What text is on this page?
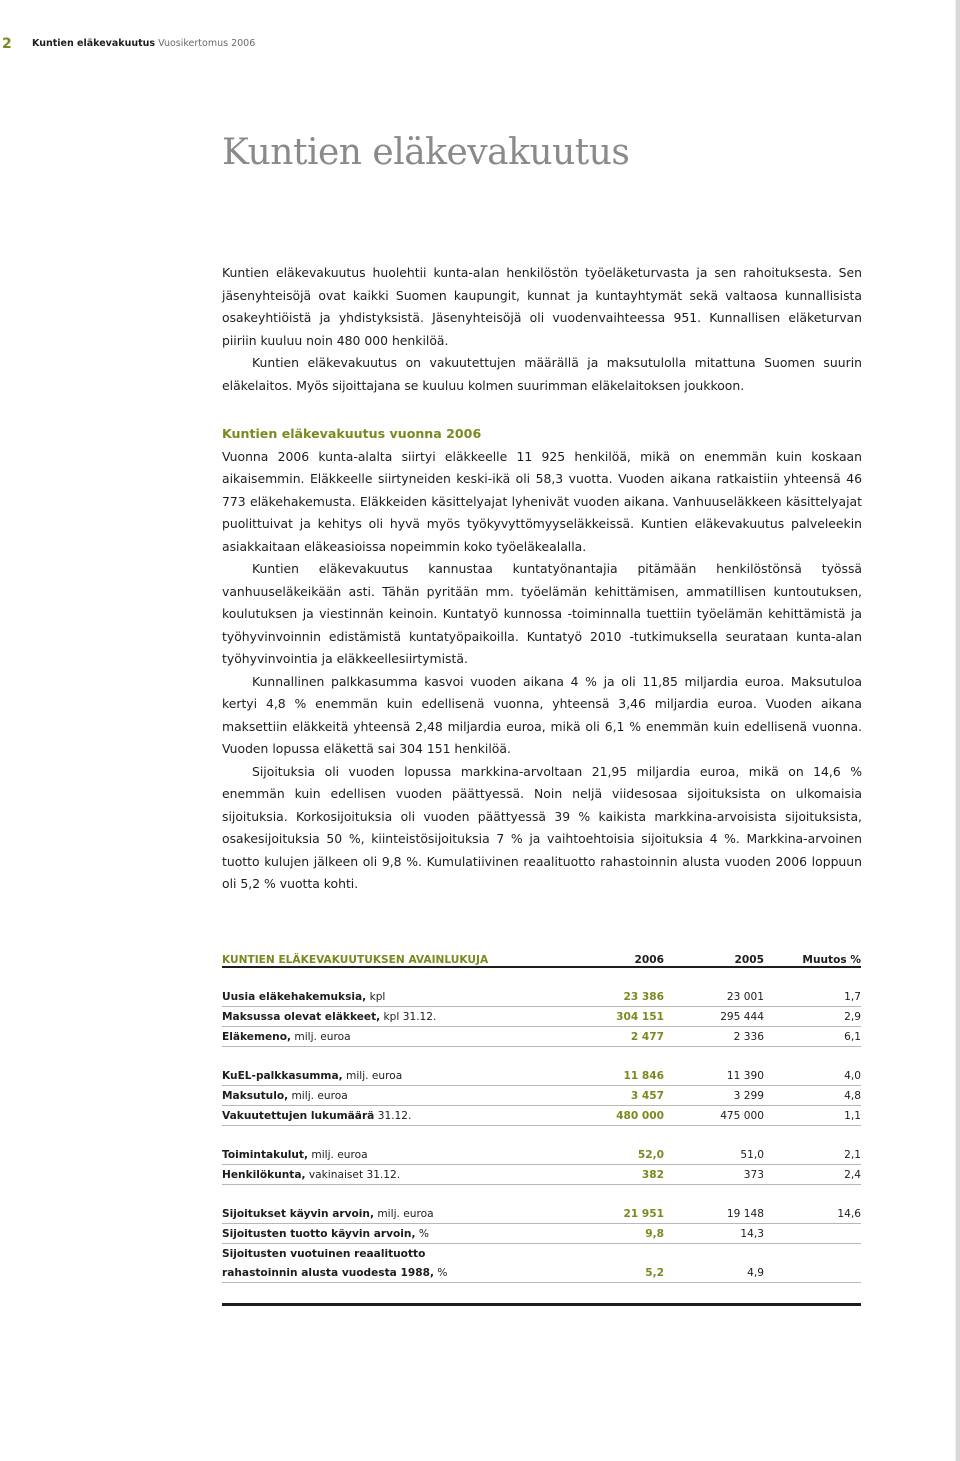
2	Kuntien eläkevakuutus Vuosikertomus 2006
Kuntien eläkevakuutus

Kuntien eläkevakuutus huolehtii kunta-alan henkilöstön työeläketurvasta ja sen rahoituksesta. Sen jäsenyhteisöjä ovat kaikki Suomen kaupungit, kunnat ja kuntayhtymät sekä valtaosa kunnallisista osakeyhtiöistä ja yhdistyksistä. Jäsenyhteisöjä oli vuodenvaihteessa 951. Kunnallisen eläketurvan piiriin kuuluu noin 480 000 henkilöä.

Kuntien eläkevakuutus on vakuutettujen määrällä ja maksutulolla mitattuna Suomen suurin eläkelaitos. Myös sijoittajana se kuuluu kolmen suurimman eläkelaitoksen joukkoon.

Kuntien eläkevakuutus vuonna 2006

Vuonna 2006 kunta-alalta siirtyi eläkkeelle 11 925 henkilöä, mikä on enemmän kuin koskaan aikaisemmin. Eläkkeelle siirtyneiden keski-ikä oli 58,3 vuotta. Vuoden aikana ratkaistiin yhteensä 46 773 eläkehakemusta. Eläkkeiden käsittelyajat lyhenivät vuoden aikana. Vanhuuseläkkeen käsittelyajat puolittuivat ja kehitys oli hyvä myös työkyvyttömyyseläkkeissä. Kuntien eläkevakuutus palveleekin asiakkaitaan eläkeasioissa nopeimmin koko työeläkealalla.

Kuntien eläkevakuutus kannustaa kuntatyönantajia pitämään henkilöstönsä työssä vanhuuseläkeikään asti. Tähän pyritään mm. työelämän kehittämisen, ammatillisen kuntoutuksen, koulutuksen ja viestinnän keinoin. Kuntatyö kunnossa -toiminnalla tuettiin työelämän kehittämistä ja työhyvinvoinnin edistämistä kuntatyöpaikoilla. Kuntatyö 2010 -tutkimuksella seurataan kunta-alan työhyvinvointia ja eläkkeellesiirtymistä.

Kunnallinen palkkasumma kasvoi vuoden aikana 4 % ja oli 11,85 miljardia euroa. Maksutuloa kertyi 4,8 % enemmän kuin edellisenä vuonna, yhteensä 3,46 miljardia euroa. Vuoden aikana maksettiin eläkkeitä yhteensä 2,48 miljardia euroa, mikä oli 6,1 % enemmän kuin edellisenä vuonna. Vuoden lopussa eläkettä sai 304 151 henkilöä.

Sijoituksia oli vuoden lopussa markkina-arvoltaan 21,95 miljardia euroa, mikä on 14,6 % enemmän kuin edellisen vuoden päättyessä. Noin neljä viidesosaa sijoituksista on ulkomaisia sijoituksia. Korkosijoituksia oli vuoden päättyessä 39 % kaikista markkina-arvoisista sijoituksista, osakesijoituksia 50 %, kiinteistösijoituksia 7 % ja vaihtoehtoisia sijoituksia 4 %. Markkina-arvoinen tuotto kulujen jälkeen oli 9,8 %. Kumulatiivinen reaalituotto rahastoinnin alusta vuoden 2006 loppuun oli 5,2 % vuotta kohti.

KUNTIEN ELÄKEVAKUUTUKSEN AVAINLUKUJA	2006	2005	Muutos %
Uusia eläkehakemuksia, kpl	23 386	23 001	1,7
Maksussa olevat eläkkeet, kpl 31.12.	304 151	295 444	2,9
Eläkemeno, milj. euroa	2 477	2 336	6,1
KuEL-palkkasumma, milj. euroa	11 846	11 390	4,0
Maksutulo, milj. euroa	3 457	3 299	4,8
Vakuutettujen lukumäärä 31.12.	480 000	475 000	1,1
Toimintakulut, milj. euroa	52,0	51,0	2,1
Henkilökunta, vakinaiset 31.12.	382	373	2,4
Sijoitukset käyvin arvoin, milj. euroa	21 951	19 148	14,6
Sijoitusten tuotto käyvin arvoin, %	9,8	14,3
Sijoitusten vuotuinen reaalituotto
rahastoinnin alusta vuodesta 1988, %	5,2	4,9
